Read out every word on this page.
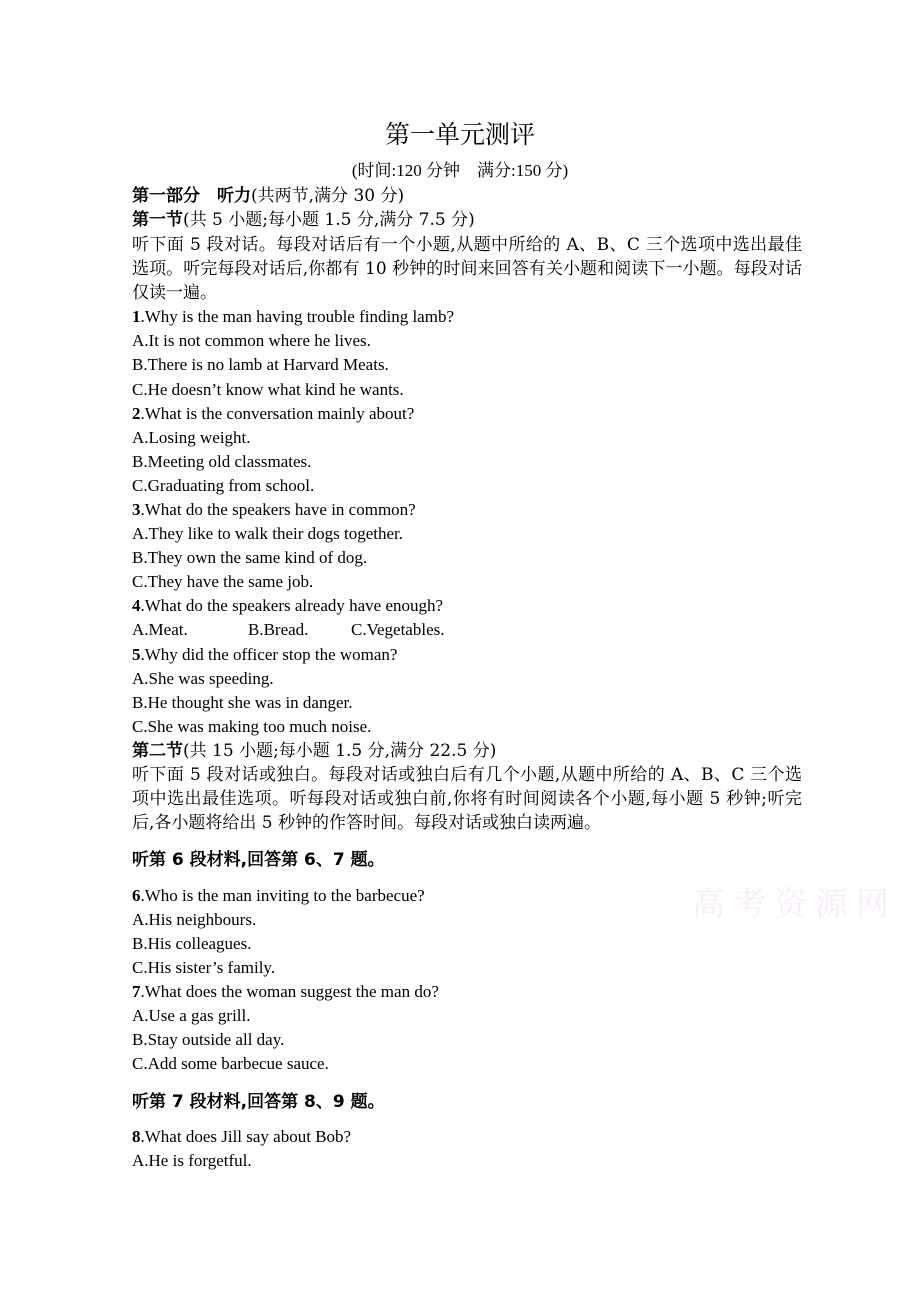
高考资源网
第一单元测评
(时间:120 分钟　满分:150 分)
第一部分　听力(共两节,满分 30 分)
第一节(共 5 小题;每小题 1.5 分,满分 7.5 分)
听下面 5 段对话。每段对话后有一个小题,从题中所给的 A、B、C 三个选项中选出最佳选项。听完每段对话后,你都有 10 秒钟的时间来回答有关小题和阅读下一小题。每段对话仅读一遍。
1.Why is the man having trouble finding lamb?
A.It is not common where he lives.
B.There is no lamb at Harvard Meats.
C.He doesn’t know what kind he wants.
2.What is the conversation mainly about?
A.Losing weight.
B.Meeting old classmates.
C.Graduating from school.
3.What do the speakers have in common?
A.They like to walk their dogs together.
B.They own the same kind of dog.
C.They have the same job.
4.What do the speakers already have enough?
A.Meat.	B.Bread.	C.Vegetables.
5.Why did the officer stop the woman?
A.She was speeding.
B.He thought she was in danger.
C.She was making too much noise.
第二节(共 15 小题;每小题 1.5 分,满分 22.5 分)
听下面 5 段对话或独白。每段对话或独白后有几个小题,从题中所给的 A、B、C 三个选项中选出最佳选项。听每段对话或独白前,你将有时间阅读各个小题,每小题 5 秒钟;听完后,各小题将给出 5 秒钟的作答时间。每段对话或独白读两遍。
听第 6 段材料,回答第 6、7 题。
6.Who is the man inviting to the barbecue?
A.His neighbours.
B.His colleagues.
C.His sister’s family.
7.What does the woman suggest the man do?
A.Use a gas grill.
B.Stay outside all day.
C.Add some barbecue sauce.
听第 7 段材料,回答第 8、9 题。
8.What does Jill say about Bob?
A.He is forgetful.
